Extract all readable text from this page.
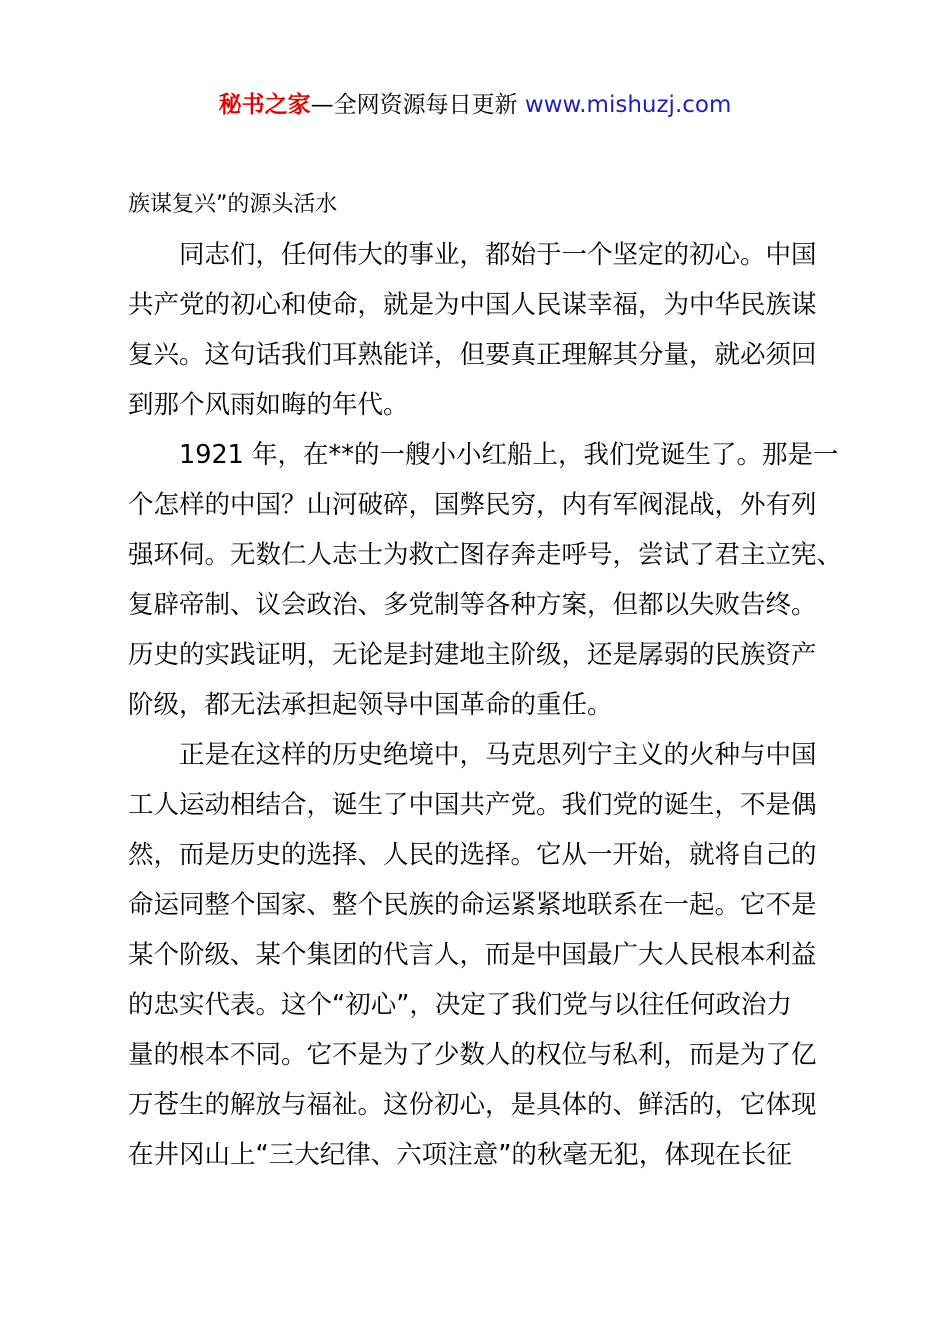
秘书之家—全网资源每日更新 www.mishuzj.com
族谋复兴”的源头活水
同志们，任何伟大的事业，都始于一个坚定的初心。中国
共产党的初心和使命，就是为中国人民谋幸福，为中华民族谋
复兴。这句话我们耳熟能详，但要真正理解其分量，就必须回
到那个风雨如晦的年代。
1921 年，在**的一艘小小红船上，我们党诞生了。那是一
个怎样的中国？山河破碎，国弊民穷，内有军阀混战，外有列
强环伺。无数仁人志士为救亡图存奔走呼号，尝试了君主立宪、
复辟帝制、议会政治、多党制等各种方案，但都以失败告终。
历史的实践证明，无论是封建地主阶级，还是孱弱的民族资产
阶级，都无法承担起领导中国革命的重任。
正是在这样的历史绝境中，马克思列宁主义的火种与中国
工人运动相结合，诞生了中国共产党。我们党的诞生，不是偶
然，而是历史的选择、人民的选择。它从一开始，就将自己的
命运同整个国家、整个民族的命运紧紧地联系在一起。它不是
某个阶级、某个集团的代言人，而是中国最广大人民根本利益
的忠实代表。这个“初心”，决定了我们党与以往任何政治力
量的根本不同。它不是为了少数人的权位与私利，而是为了亿
万苍生的解放与福祉。这份初心，是具体的、鲜活的，它体现
在井冈山上“三大纪律、六项注意”的秋毫无犯，体现在长征
